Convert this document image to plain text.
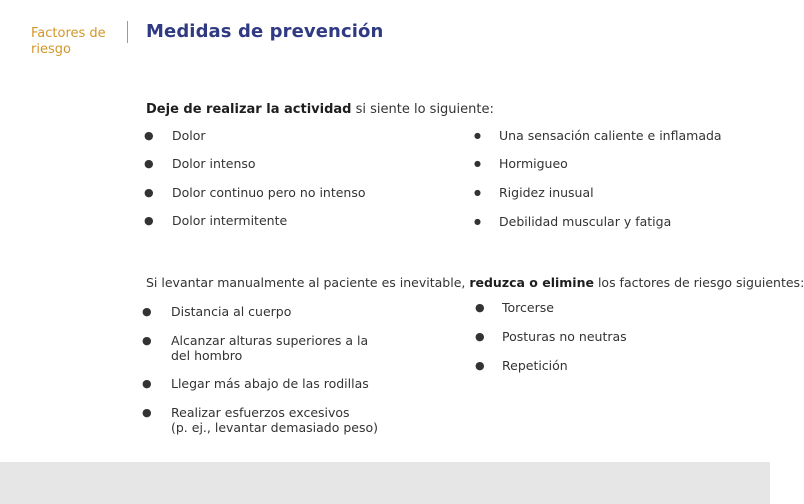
Factores de riesgo
Medidas de prevención
Deje de realizar la actividad si siente lo siguiente:
● Dolor
● Dolor intenso
● Dolor continuo pero no intenso
● Dolor intermitente
● Una sensación caliente e inflamada
● Hormigueo
● Rigidez inusual
● Debilidad muscular y fatiga
Si levantar manualmente al paciente es inevitable, reduzca o elimine los factores de riesgo siguientes:
● Distancia al cuerpo
● Alcanzar alturas superiores a la
del hombro
● Llegar más abajo de las rodillas
● Realizar esfuerzos excesivos
(p. ej., levantar demasiado peso)
● Torcerse
● Posturas no neutras
● Repetición
